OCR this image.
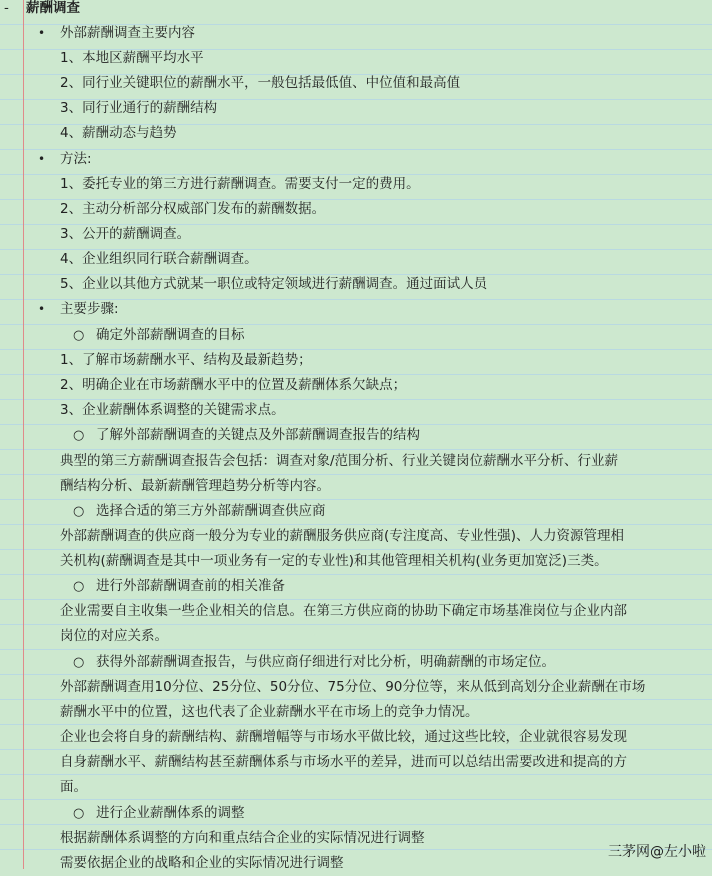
- 薪酬调查
• 外部薪酬调查主要内容
1、本地区薪酬平均水平
2、同行业关键职位的薪酬水平，一般包括最低值、中位值和最高值
3、同行业通行的薪酬结构
4、薪酬动态与趋势
• 方法:
1、委托专业的第三方进行薪酬调查。需要支付一定的费用。
2、主动分析部分权威部门发布的薪酬数据。
3、公开的薪酬调查。
4、企业组织同行联合薪酬调查。
5、企业以其他方式就某一职位或特定领域进行薪酬调查。通过面试人员
• 主要步骤:
○ 确定外部薪酬调查的目标
1、了解市场薪酬水平、结构及最新趋势；
2、明确企业在市场薪酬水平中的位置及薪酬体系欠缺点；
3、企业薪酬体系调整的关键需求点。
○ 了解外部薪酬调查的关键点及外部薪酬调查报告的结构
典型的第三方薪酬调查报告会包括：调查对象/范围分析、行业关键岗位薪酬水平分析、行业薪
酬结构分析、最新薪酬管理趋势分析等内容。
○ 选择合适的第三方外部薪酬调查供应商
外部薪酬调查的供应商一般分为专业的薪酬服务供应商(专注度高、专业性强)、人力资源管理相
关机构(薪酬调查是其中一项业务有一定的专业性)和其他管理相关机构(业务更加宽泛)三类。
○ 进行外部薪酬调查前的相关准备
企业需要自主收集一些企业相关的信息。在第三方供应商的协助下确定市场基准岗位与企业内部
岗位的对应关系。
○ 获得外部薪酬调查报告，与供应商仔细进行对比分析，明确薪酬的市场定位。
外部薪酬调查用10分位、25分位、50分位、75分位、90分位等，来从低到高划分企业薪酬在市场
薪酬水平中的位置，这也代表了企业薪酬水平在市场上的竞争力情况。
企业也会将自身的薪酬结构、薪酬增幅等与市场水平做比较，通过这些比较，企业就很容易发现
自身薪酬水平、薪酬结构甚至薪酬体系与市场水平的差异，进而可以总结出需要改进和提高的方
面。
○ 进行企业薪酬体系的调整
根据薪酬体系调整的方向和重点结合企业的实际情况进行调整
需要依据企业的战略和企业的实际情况进行调整
三茅网@左小啦
